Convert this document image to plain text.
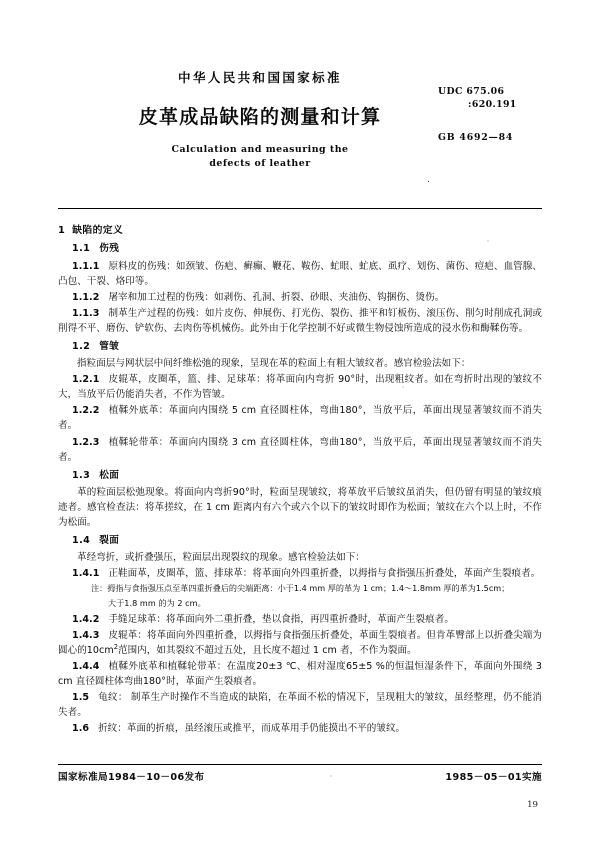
中华人民共和国国家标准
皮革成品缺陷的测量和计算
Calculation and measuring the
defects of leather
UDC 675.06
:620.191
GB 4692—84
.
1 缺陷的定义
1.1 伤残

1.1.1 原料皮的伤残：如颈皱、伤疤、癣癫、鞭花、鞍伤、虻眼、虻底、虱疗、划伤、菌伤、痘疤、血管腺、凸包、干裂、烙印等。

1.1.2 屠宰和加工过程的伤残：如剥伤、孔洞、折裂、砂眼、夹油伤、钩捆伤、烫伤。

1.1.3 制革生产过程的伤残：如片皮伤、伸展伤、打光伤、裂伤、推平和钉板伤、滚压伤、削匀时削成孔洞或削得不平、磨伤、铲软伤、去肉伤等机械伤。此外由于化学控制不好或微生物侵蚀所造成的浸水伤和酶鞣伤等。

1.2 管皱

指粒面层与网状层中间纤维松弛的现象，呈现在革的粒面上有粗大皱纹者。感官检验法如下：

1.2.1 皮辊革，皮圈革，篮、排、足球革：将革面向内弯折 90°时，出现粗纹者。如在弯折时出现的皱纹不大，当放平后仍能消失者，不作为管皱。

1.2.2 植鞣外底革：革面向内围绕 5 cm 直径圆柱体，弯曲180°，当放平后，革面出现显著皱纹而不消失者。

1.2.3 植鞣轮带革：革面向内围绕 3 cm 直径圆柱体，弯曲180°，当放平后，革面出现显著皱纹而不消失者。

1.3 松面

革的粒面层松弛现象。将面向内弯折90°时，粒面呈现皱纹，将革放平后皱纹虽消失，但仍留有明显的皱纹痕迹者。感官检查法：将革搓纹，在 1 cm 距离内有六个或六个以下的皱纹时即作为松面；皱纹在六个以上时，不作为松面。

1.4 裂面

革经弯折，或折叠强压，粒面层出现裂纹的现象。感官检验法如下：

1.4.1 正鞋面革，皮圈革，篮、排球革：将革面向外四重折叠，以拇指与食指强压折叠处，革面产生裂痕者。

注：拇指与食指强压点至革四重折叠后的尖端距离：小于1.4 mm 厚的革为 1 cm；1.4～1.8mm 厚的革为1.5cm；

大于1.8 mm 的为 2 cm。

1.4.2 手缝足球革：将革面向外二重折叠，垫以食指，再四重折叠时，革面产生裂痕者。

1.4.3 皮辊革：将革面向外四重折叠，以拇指与食指强压折叠处，革面生裂痕者。但肯革臀部上以折叠尖端为圆心的$10cm^2$范围内，如其裂纹不超过五处，且长度不超过 1 cm 者，不作为裂面。

1.4.4 植鞣外底革和植鞣轮带革：在温度20±3 ℃、相对湿度65±5 %的恒温恒湿条件下，革面向外围绕 3 cm 直径圆柱体弯曲180°时，革面产生裂痕者。

1.5 龟纹： 制革生产时操作不当造成的缺陷，在革面不松的情况下，呈现粗大的皱纹，虽经整理，仍不能消失者。

1.6 折纹：革面的折痕，虽经滚压或推平，而成革用手仍能摸出不平的皱纹。

国家标准局1984－10－06发布	1985－05－01实施
19
